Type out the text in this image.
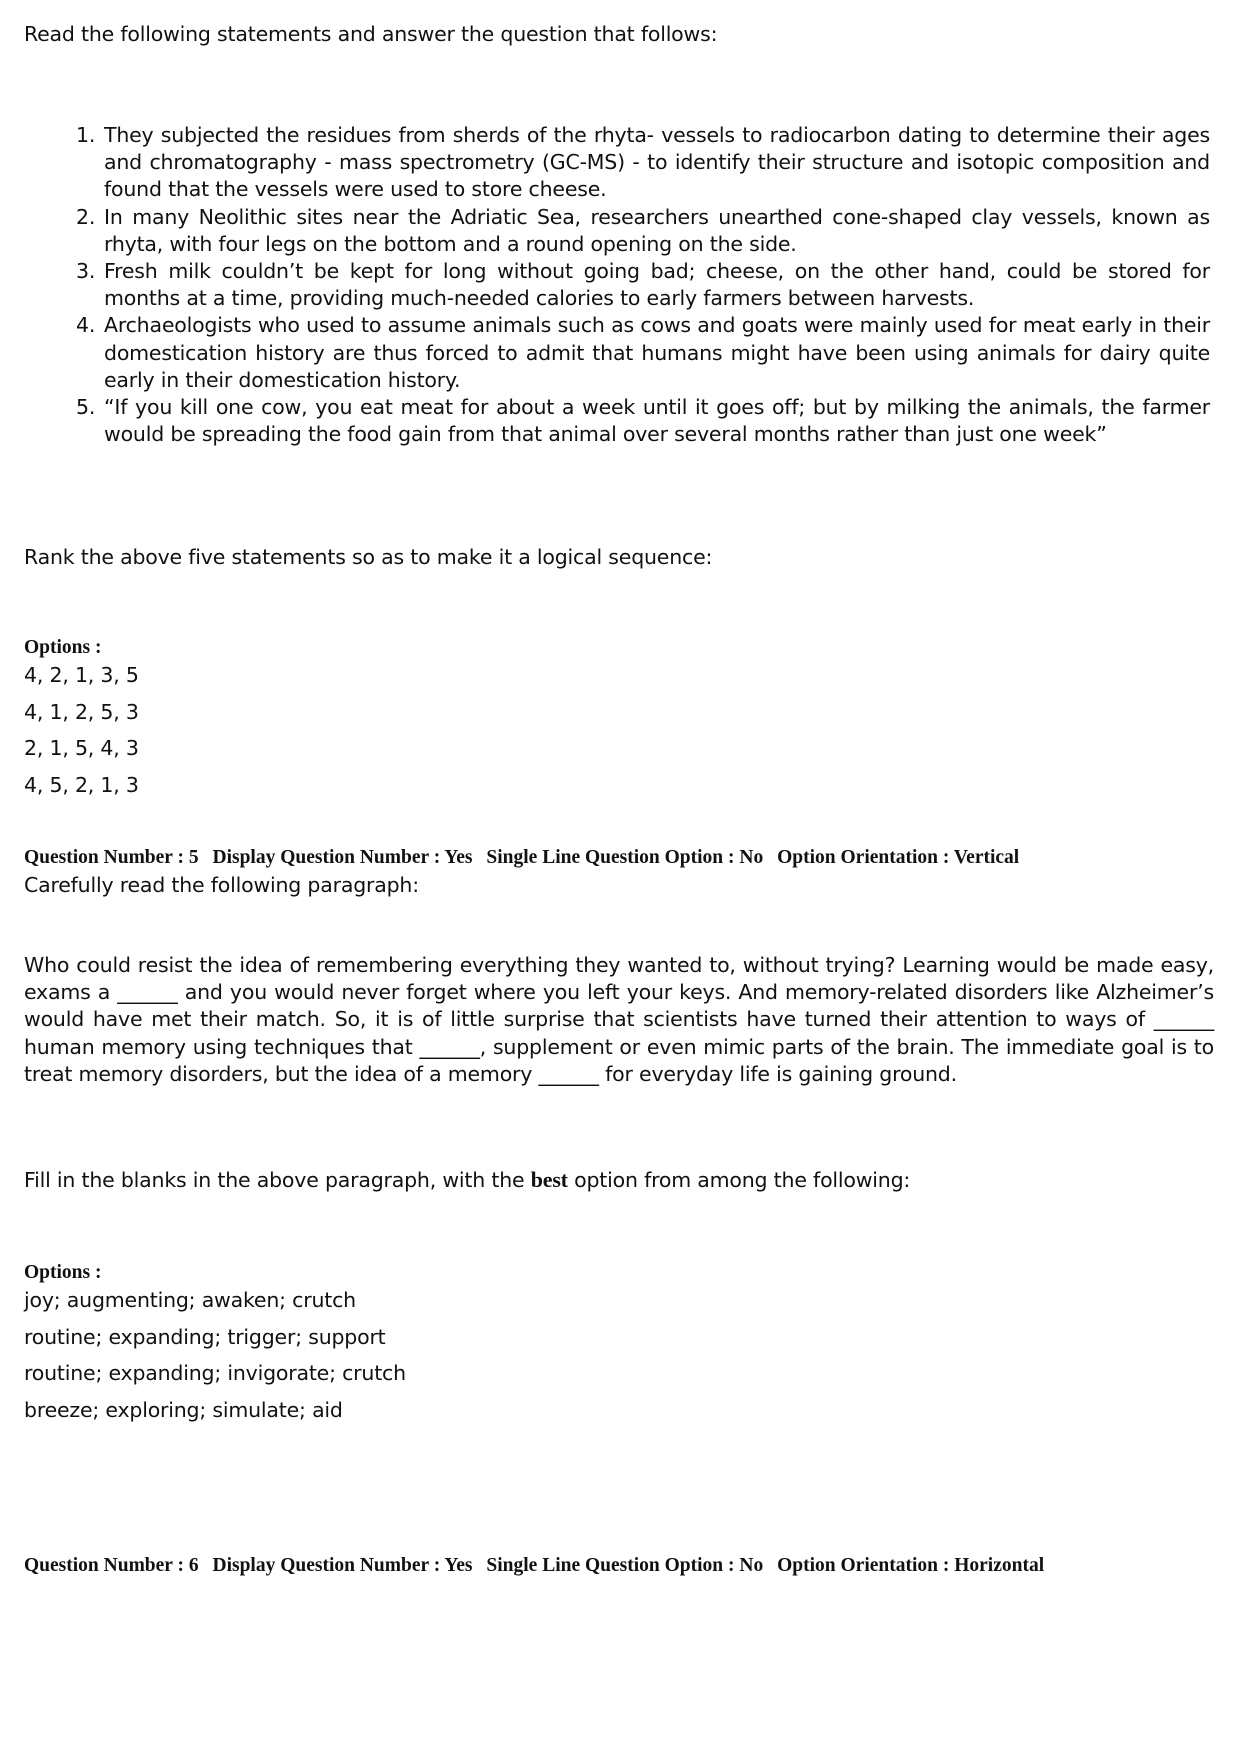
Read the following statements and answer the question that follows:
1. They subjected the residues from sherds of the rhyta- vessels to radiocarbon dating to determine their ages and chromatography - mass spectrometry (GC-MS) - to identify their structure and isotopic composition and found that the vessels were used to store cheese.
2. In many Neolithic sites near the Adriatic Sea, researchers unearthed cone-shaped clay vessels, known as rhyta, with four legs on the bottom and a round opening on the side.
3. Fresh milk couldn’t be kept for long without going bad; cheese, on the other hand, could be stored for months at a time, providing much-needed calories to early farmers between harvests.
4. Archaeologists who used to assume animals such as cows and goats were mainly used for meat early in their domestication history are thus forced to admit that humans might have been using animals for dairy quite early in their domestication history.
5. “If you kill one cow, you eat meat for about a week until it goes off; but by milking the animals, the farmer would be spreading the food gain from that animal over several months rather than just one week”
Rank the above five statements so as to make it a logical sequence:
Options :
4, 2, 1, 3, 5
4, 1, 2, 5, 3
2, 1, 5, 4, 3
4, 5, 2, 1, 3
Question Number : 5 Display Question Number : Yes Single Line Question Option : No Option Orientation : Vertical
Carefully read the following paragraph:
Who could resist the idea of remembering everything they wanted to, without trying? Learning would be made easy, exams a ______ and you would never forget where you left your keys. And memory-related disorders like Alzheimer’s would have met their match. So, it is of little surprise that scientists have turned their attention to ways of ______ human memory using techniques that ______, supplement or even mimic parts of the brain. The immediate goal is to treat memory disorders, but the idea of a memory ______ for everyday life is gaining ground.
Fill in the blanks in the above paragraph, with the best option from among the following:
Options :
joy; augmenting; awaken; crutch
routine; expanding; trigger; support
routine; expanding; invigorate; crutch
breeze; exploring; simulate; aid
Question Number : 6 Display Question Number : Yes Single Line Question Option : No Option Orientation : Horizontal
